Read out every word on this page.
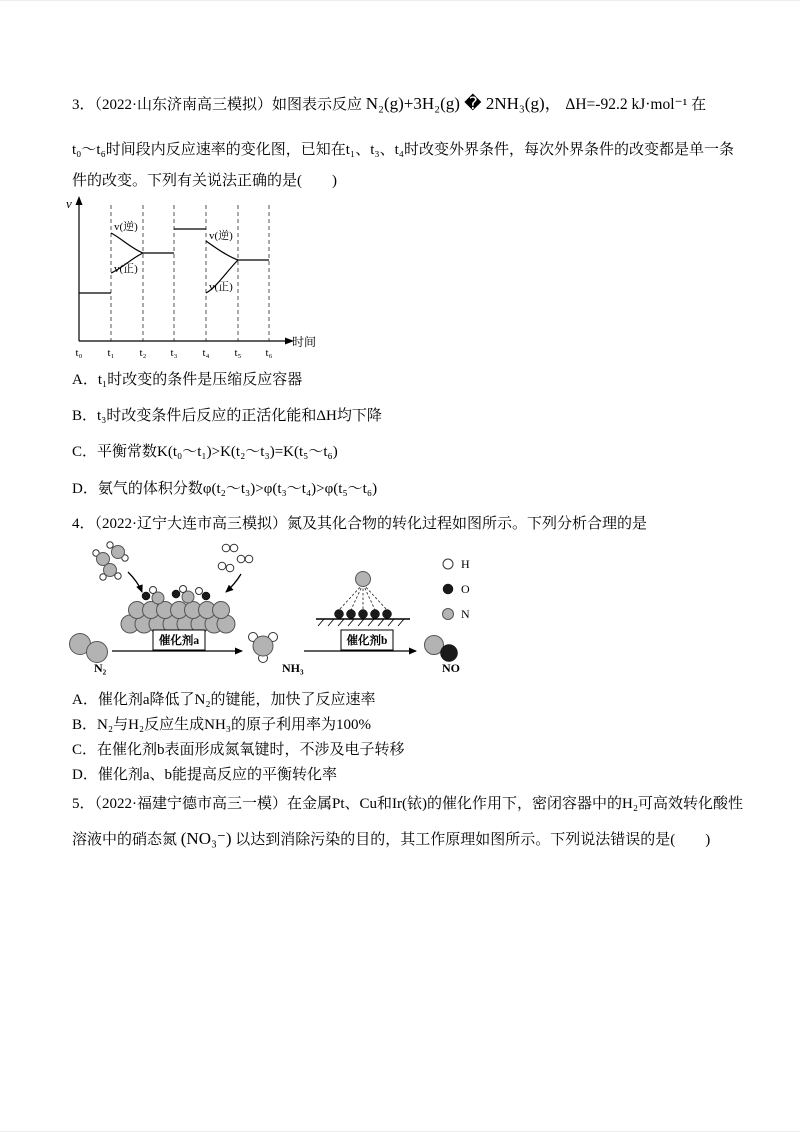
3．（2022·山东济南高三模拟）如图表示反应 N₂(g)+3H₂(g) � 2NH₃(g)， ΔH=-92.2 kJ·mol⁻¹ 在
t₀～t₆时间段内反应速率的变化图，已知在t₁、t₃、t₄时改变外界条件，每次外界条件的改变都是单一条
件的改变。下列有关说法正确的是(　　)
v
时间
v(逆)
v(正)
v(逆)
v(正)
t₀ t₁ t₂ t₃ t₄ t₅ t₆
A．t₁时改变的条件是压缩反应容器
B．t₃时改变条件后反应的正活化能和ΔH均下降
C．平衡常数K(t₀～t₁)>K(t₂～t₃)=K(t₅～t₆)
D．氨气的体积分数φ(t₂～t₃)>φ(t₃～t₄)>φ(t₅～t₆)
4．（2022·辽宁大连市高三模拟）氮及其化合物的转化过程如图所示。下列分析合理的是
N₂
催化剂a
NH₃
催化剂b
NO
H
O
N
A．催化剂a降低了N₂的键能，加快了反应速率
B．N₂与H₂反应生成NH₃的原子利用率为100%
C．在催化剂b表面形成氮氧键时，不涉及电子转移
D．催化剂a、b能提高反应的平衡转化率
5．（2022·福建宁德市高三一模）在金属Pt、Cu和Ir(铱)的催化作用下，密闭容器中的H₂可高效转化酸性
溶液中的硝态氮 (NO₃⁻) 以达到消除污染的目的，其工作原理如图所示。下列说法错误的是(　　)
